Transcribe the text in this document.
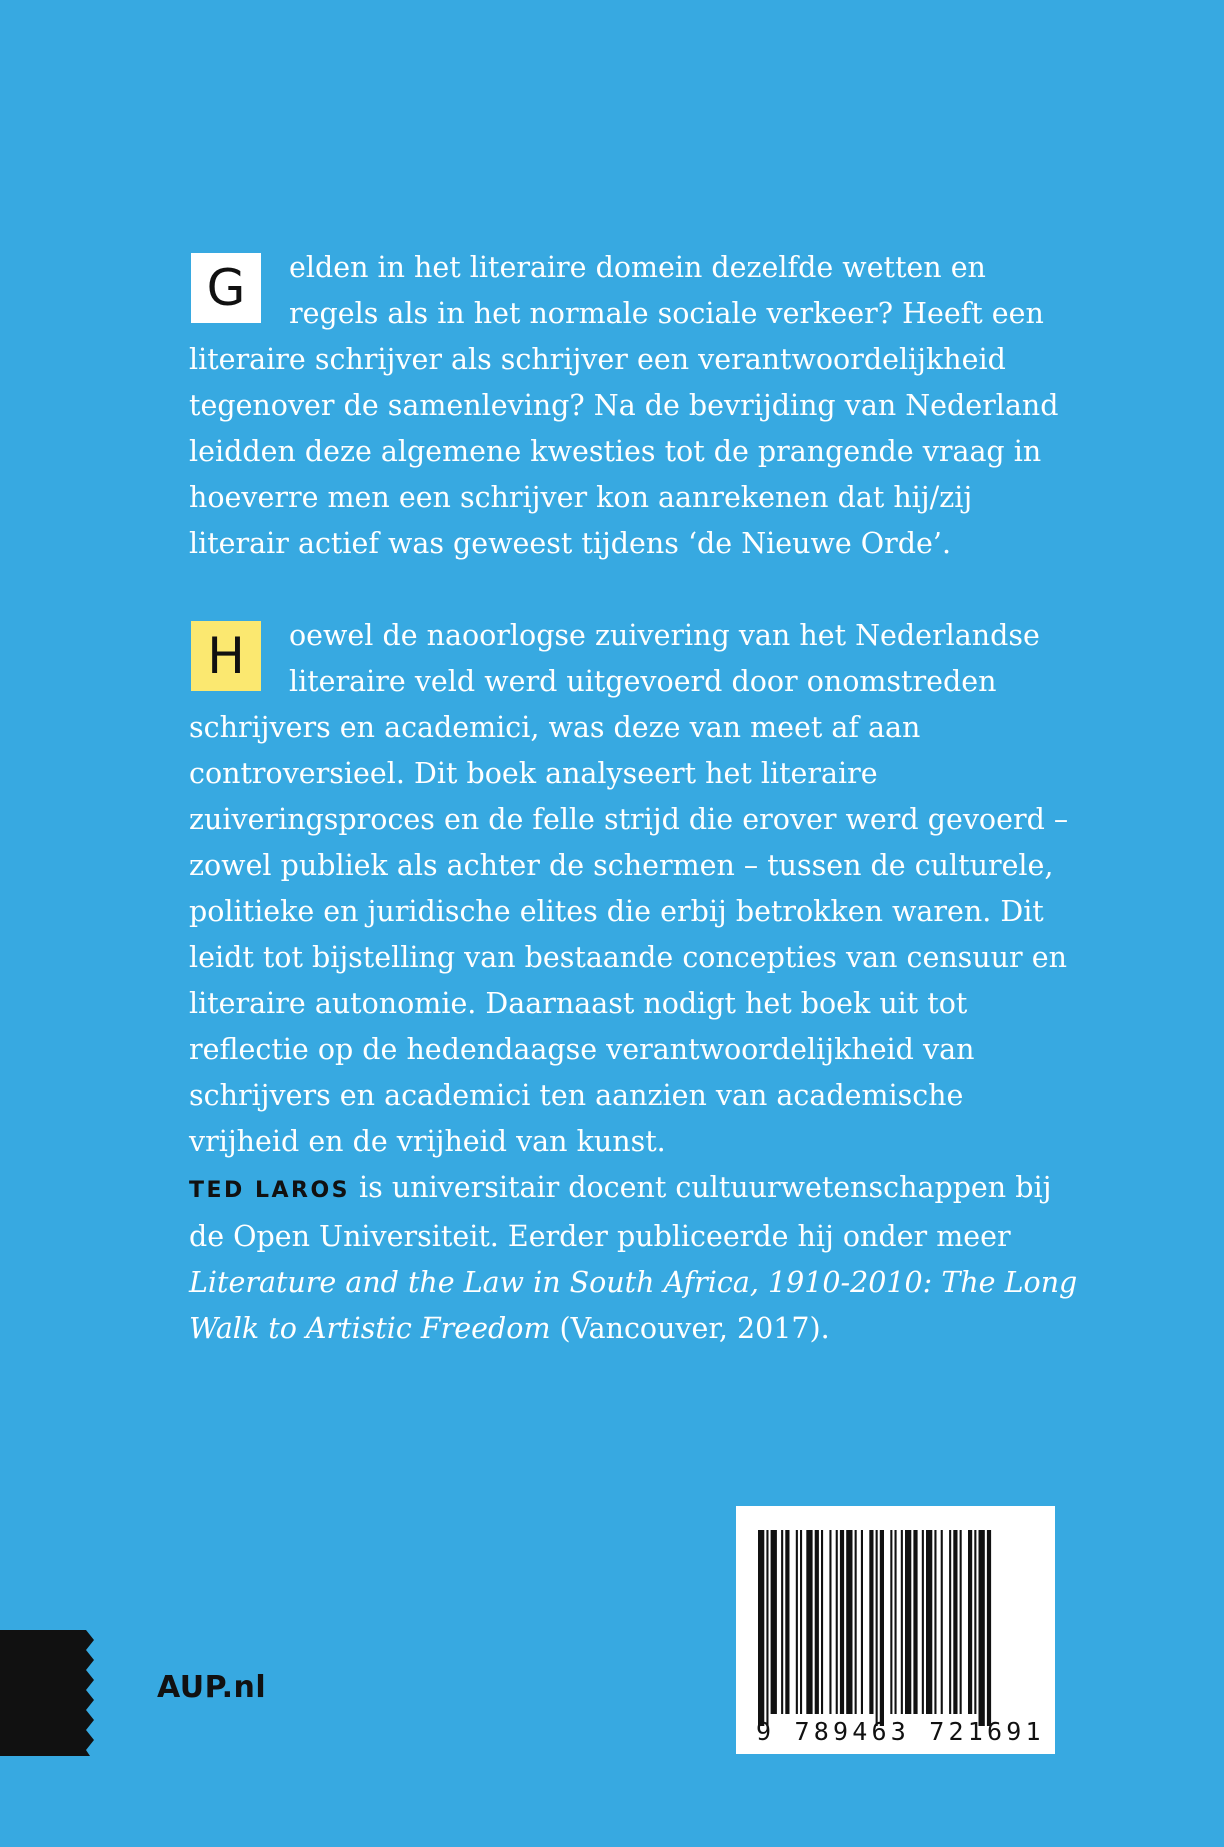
G	elden in het literaire domein dezelfde wetten en regels als in het normale sociale verkeer? Heeft een literaire schrijver als schrijver een verantwoordelijkheid tegenover de samenleving? Na de bevrijding van Nederland leidden deze algemene kwesties tot de prangende vraag in hoeverre men een schrijver kon aanrekenen dat hij/zij literair actief was geweest tijdens ‘de Nieuwe Orde’.

H	oewel de naoorlogse zuivering van het Nederlandse literaire veld werd uitgevoerd door onomstreden schrijvers en academici, was deze van meet af aan controversieel. Dit boek analyseert het literaire zuiveringsproces en de felle strijd die erover werd gevoerd – zowel publiek als achter de schermen – tussen de culturele, politieke en juridische elites die erbij betrokken waren. Dit leidt tot bijstelling van bestaande concepties van censuur en literaire autonomie. Daarnaast nodigt het boek uit tot reflectie op de hedendaagse verantwoordelijkheid van schrijvers en academici ten aanzien van academische vrijheid en de vrijheid van kunst.

TED LAROS is universitair docent cultuurwetenschappen bij de Open Universiteit. Eerder publiceerde hij onder meer Literature and the Law in South Africa, 1910-2010: The Long Walk to Artistic Freedom (Vancouver, 2017).

AUP.nl
9 789463 721691
